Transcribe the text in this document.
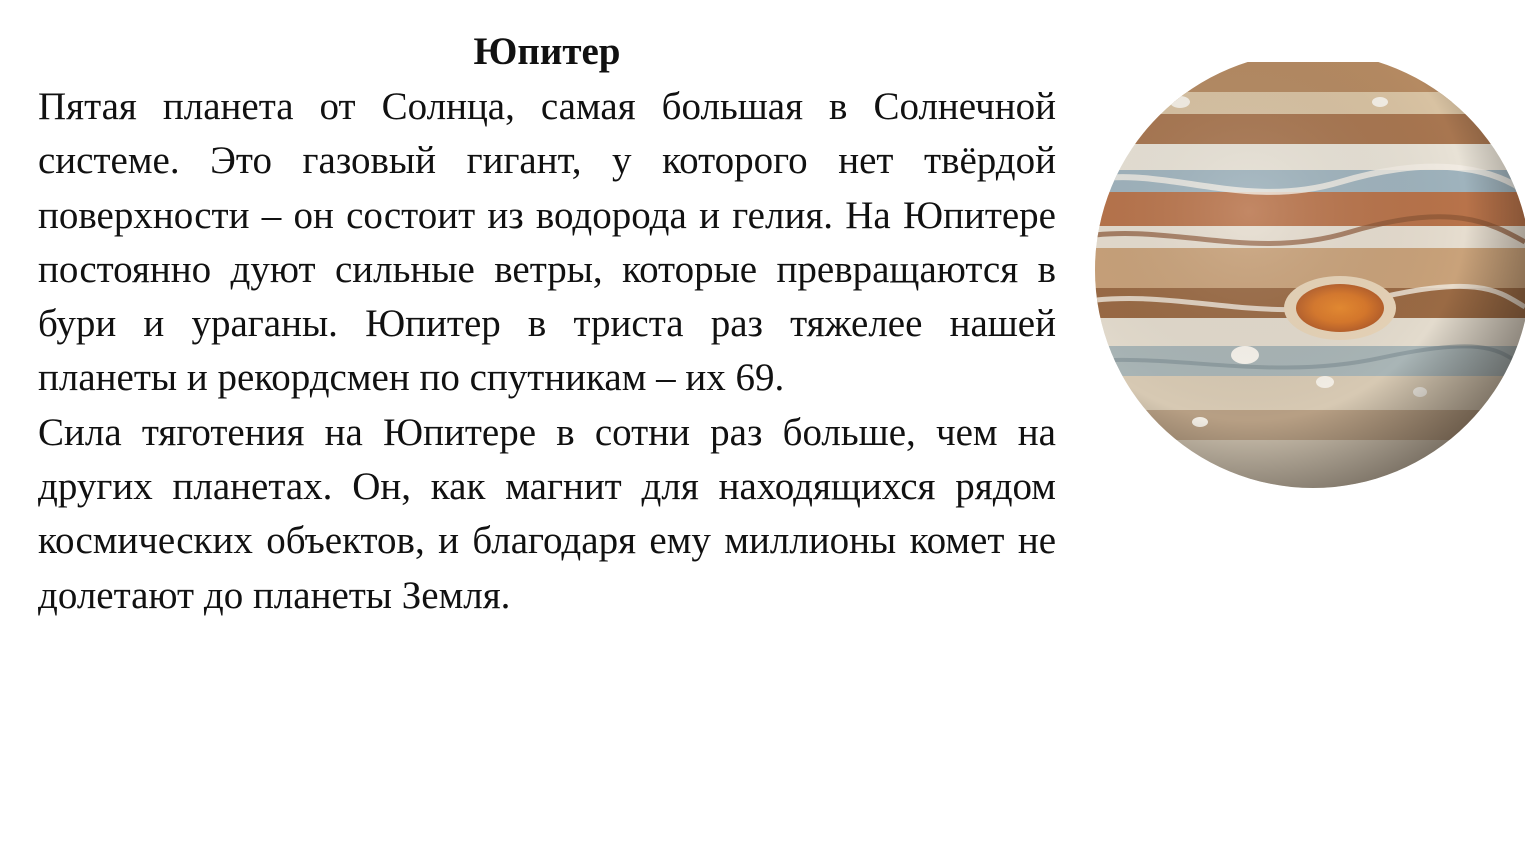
Юпитер

Пятая планета от Солнца, самая большая в Солнечной системе. Это газовый гигант, у которого нет твёрдой поверхности – он состоит из водорода и гелия. На Юпитере постоянно дуют сильные ветры, которые превращаются в бури и ураганы. Юпитер в триста раз тяжелее нашей планеты и рекордсмен по спутникам – их 69.

Сила тяготения на Юпитере в сотни раз больше, чем на других планетах. Он, как магнит для находящихся рядом космических объектов, и благодаря ему миллионы комет не долетают до планеты Земля.
